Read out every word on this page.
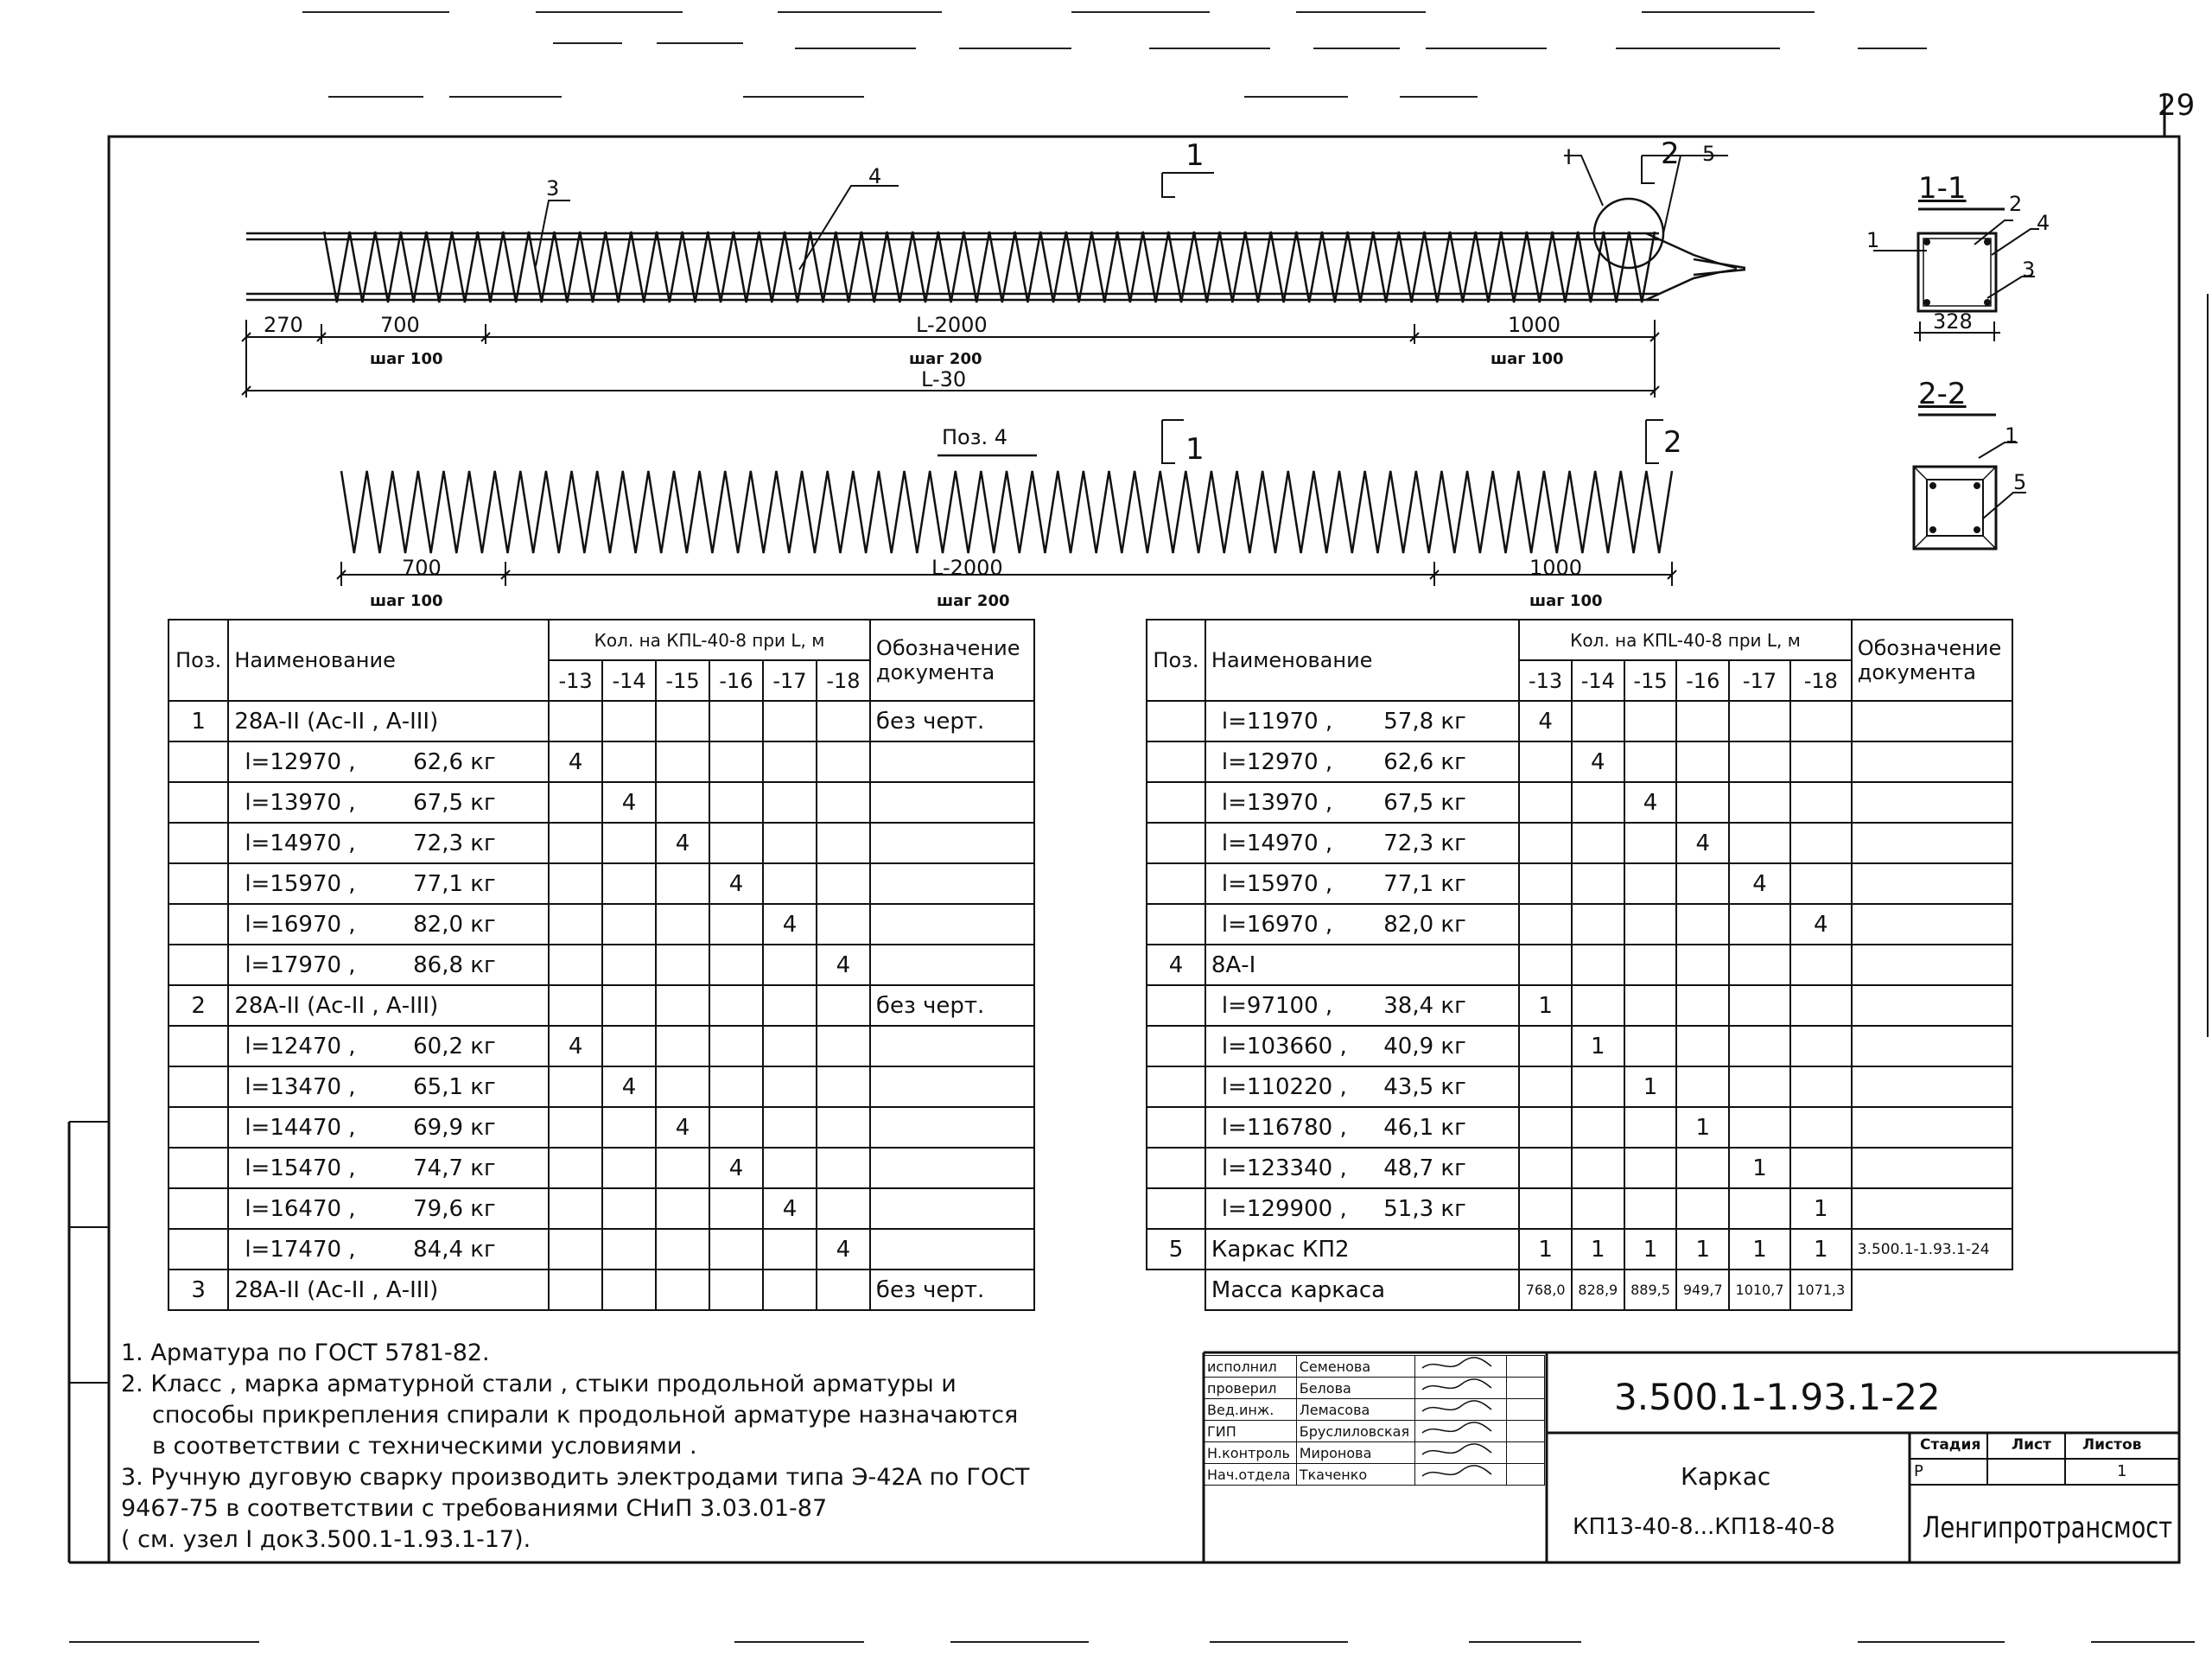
29
3	4
I	2 5
1
270	700	L-2000	1000
шаг 100	шаг 200	шаг 100
L-30
Поз. 4	1	2
700	L-2000	1000
шаг 100	шаг 200	шаг 100
1-1
328
1
2
4
3
2-2
1
5
Поз.	Наименование	Кол. на КПL-40-8 при L, м						Обозначение документа
		-13	-14	-15	-16	-17	-18	
1	28А-II (Ас-II , А-III)							без черт.

	l=12970 , 62,6 кг	4						

	l=13970 , 67,5 кг		4					

	l=14970 , 72,3 кг			4				

	l=15970 , 77,1 кг				4			

	l=16970 , 82,0 кг					4		

	l=17970 , 86,8 кг						4	
2	28А-II (Ас-II , А-III)							без черт.

	l=12470 , 60,2 кг	4						

	l=13470 , 65,1 кг		4					

	l=14470 , 69,9 кг			4				

	l=15470 , 74,7 кг				4			

	l=16470 , 79,6 кг					4		

	l=17470 , 84,4 кг						4	
3	28А-II (Ас-II , А-III)							без черт.
Поз.	Наименование	Кол. на КПL-40-8 при L, м						Обозначение документа
		-13	-14	-15	-16	-17	-18	

	l=11970 , 57,8 кг	4						

	l=12970 , 62,6 кг		4					

	l=13970 , 67,5 кг			4				

	l=14970 , 72,3 кг				4			

	l=15970 , 77,1 кг					4		

	l=16970 , 82,0 кг						4	
4	8А-I							

	l=97100 , 38,4 кг	1						

	l=103660 , 40,9 кг		1					

	l=110220 , 43,5 кг			1				

	l=116780 , 46,1 кг				1			

	l=123340 , 48,7 кг					1		

	l=129900 , 51,3 кг						1	
5	Каркас КП2	1	1	1	1	1	1	3.500.1-1.93.1-24
	Масса каркаса	768,0	828,9	889,5	949,7	1010,7	1071,3	
1. Арматура по ГОСТ 5781-82.
2. Класс , марка арматурной стали , стыки продольной арматуры и
способы прикрепления спирали к продольной арматуре назначаются
в соответствии с техническими условиями .
3. Ручную дуговую сварку производить электродами типа Э-42А по ГОСТ
9467-75 в соответствии с требованиями СНиП 3.03.01-87
( см. узел I док3.500.1-1.93.1-17).
исполнил	Семенова		
проверил	Белова		
Вед.инж.	Лемасова		
ГИП	Бруслиловская		
Н.контроль	Миронова		
Нач.отдела	Ткаченко		
3.500.1-1.93.1-22
Каркас
КП13-40-8...КП18-40-8
Стадия Лист Листов
Р	1
Ленгипротрансмост
